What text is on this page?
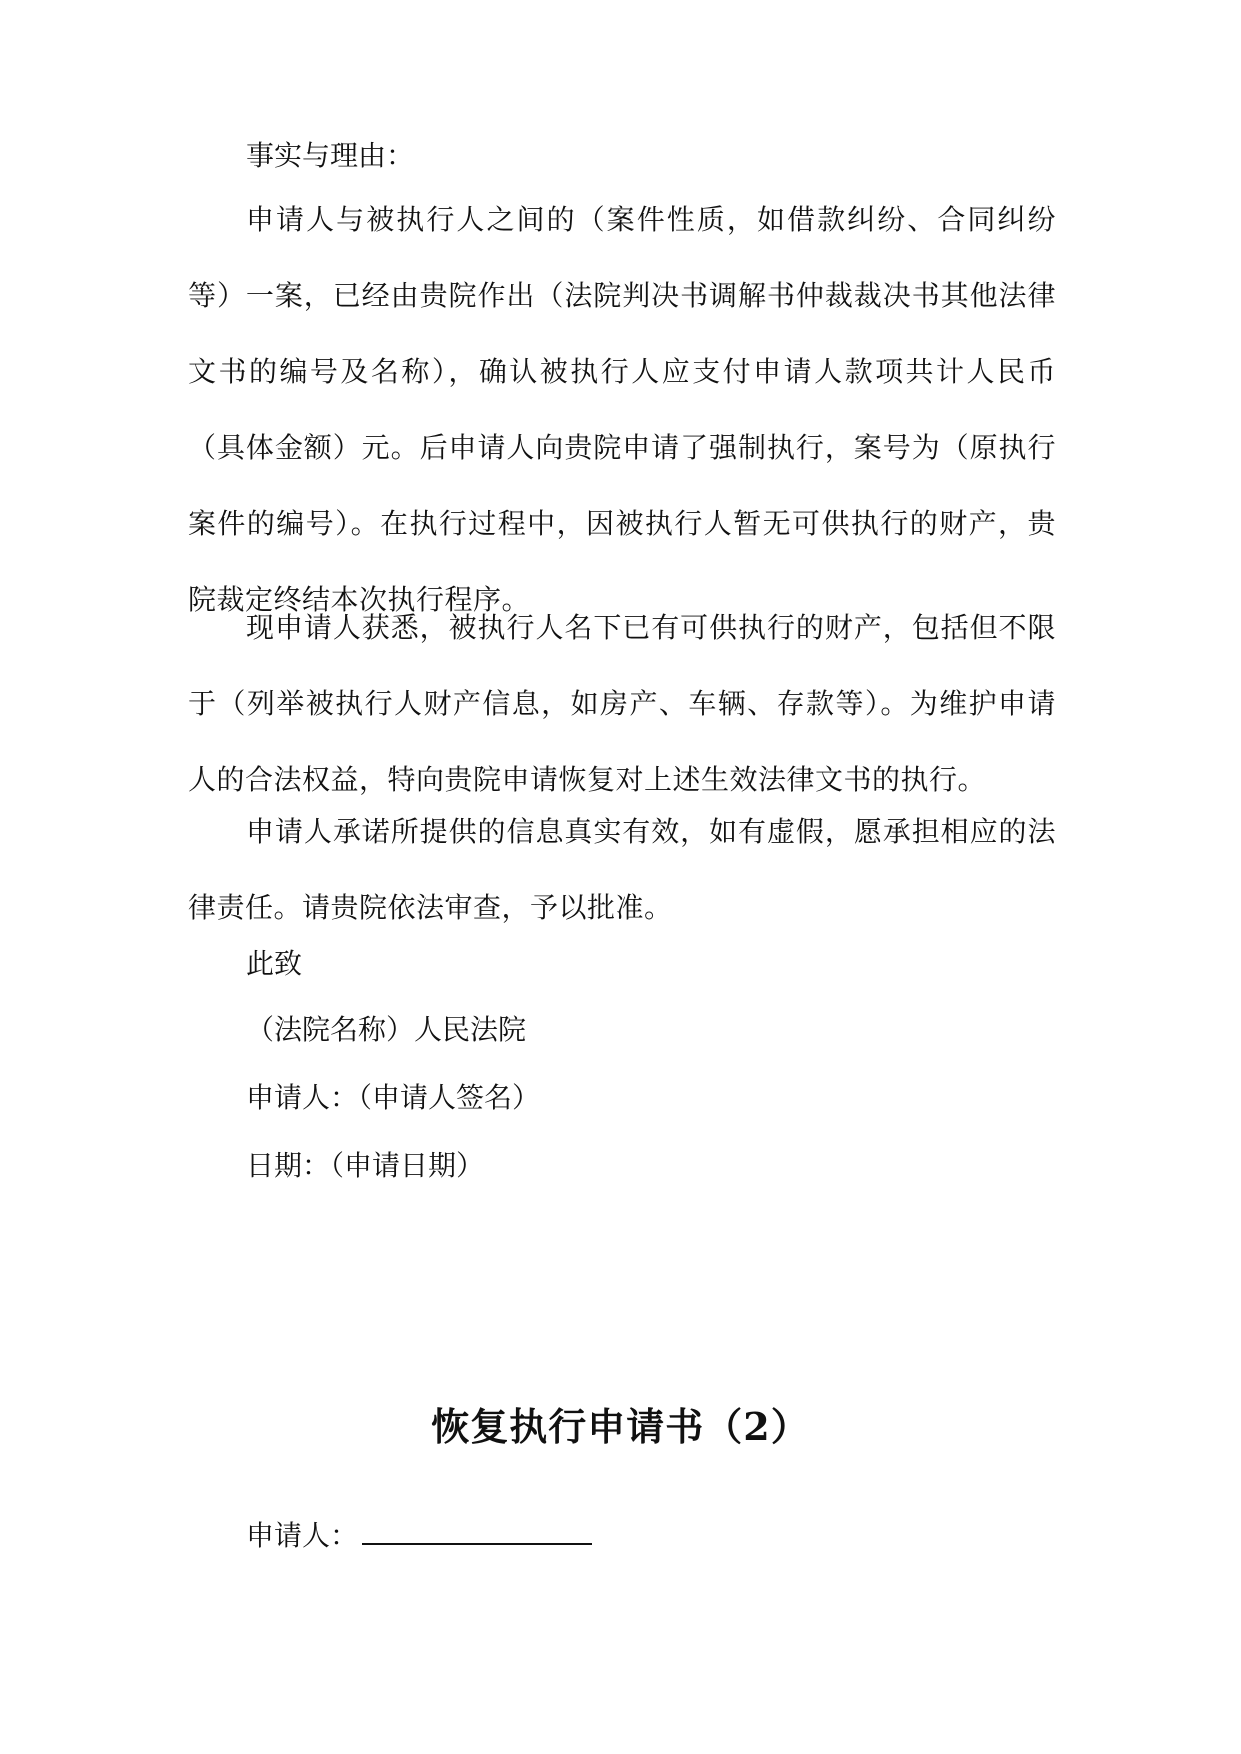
事实与理由：

申请人与被执行人之间的（案件性质，如借款纠纷、合同纠纷等）一案，已经由贵院作出（法院判决书调解书仲裁裁决书其他法律文书的编号及名称），确认被执行人应支付申请人款项共计人民币（具体金额）元。后申请人向贵院申请了强制执行，案号为（原执行案件的编号）。在执行过程中，因被执行人暂无可供执行的财产，贵院裁定终结本次执行程序。

现申请人获悉，被执行人名下已有可供执行的财产，包括但不限于（列举被执行人财产信息，如房产、车辆、存款等）。为维护申请人的合法权益，特向贵院申请恢复对上述生效法律文书的执行。

申请人承诺所提供的信息真实有效，如有虚假，愿承担相应的法律责任。请贵院依法审查，予以批准。

此致

（法院名称）人民法院

申请人：（申请人签名）

日期：（申请日期）

恢复执行申请书（2）

申请人：
